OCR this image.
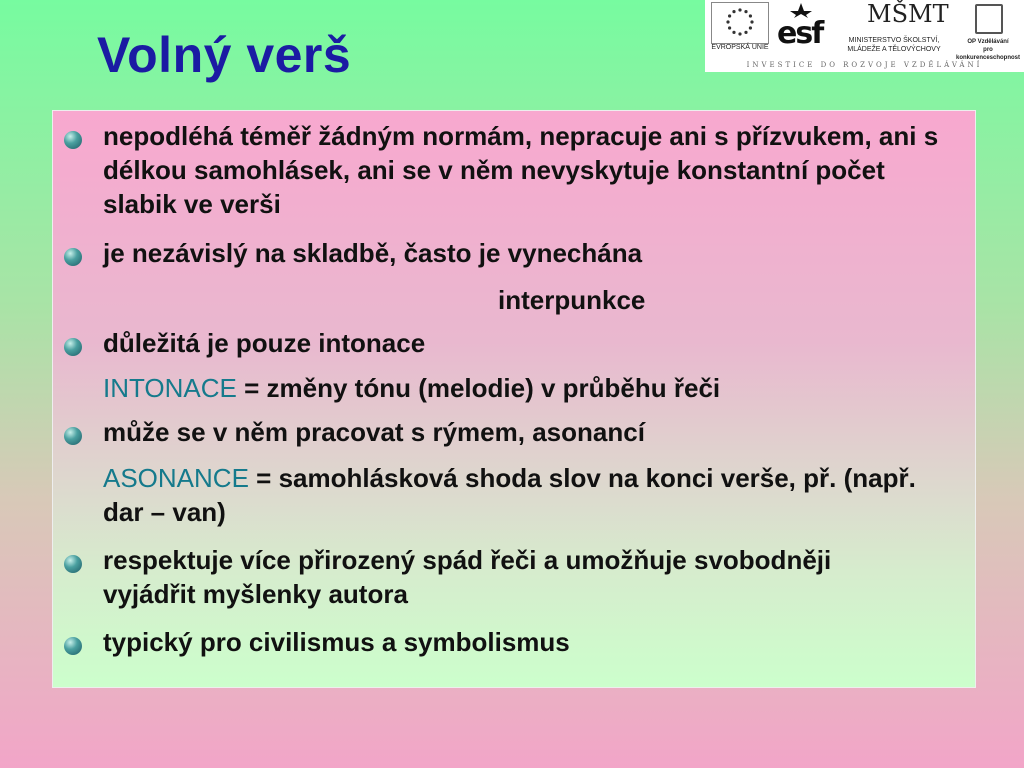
Volný verš	EVROPSKÁ UNIE esf
MŠMT
MINISTERSTVO ŠKOLSTVÍ,
MLÁDEŽE A TĚLOVÝCHOVY
OP Vzdělávání
pro konkurenceschopnost
INVESTICE DO ROZVOJE VZDĚLÁVÁNÍ
nepodléhá téměř žádným normám, nepracuje ani s přízvukem, ani s délkou samohlásek, ani se v něm nevyskytuje konstantní počet slabik ve verši
je nezávislý na skladbě, často je vynechána
interpunkce
důležitá je pouze intonace
INTONACE = změny tónu (melodie) v průběhu řeči
může se v něm pracovat s rýmem, asonancí
ASONANCE = samohlásková shoda slov na konci verše, př. (např. dar – van)
respektuje více přirozený spád řeči a umožňuje svobodněji vyjádřit myšlenky autora
typický pro civilismus a symbolismus
